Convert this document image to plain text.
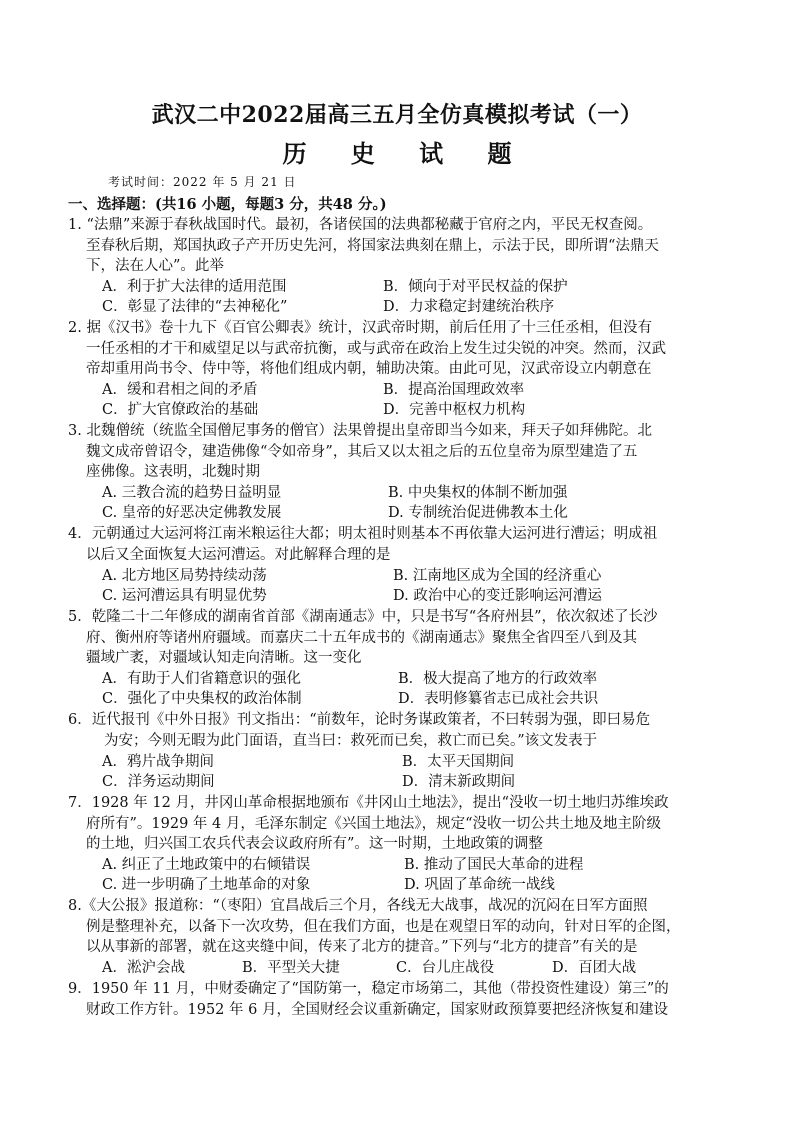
武汉二中2022届高三五月全仿真模拟考试（一）
历 史 试 题
考试时间：2022 年 5 月 21 日
一、选择题：(共16 小题，每题3 分，共48 分。)
1. “法鼎”来源于春秋战国时代。最初，各诸侯国的法典都秘藏于官府之内，平民无权查阅。
至春秋后期，郑国执政子产开历史先河，将国家法典刻在鼎上，示法于民，即所谓“法鼎天
下，法在人心”。此举
A．利于扩大法律的适用范围	B．倾向于对平民权益的保护
C．彰显了法律的“去神秘化”	D．力求稳定封建统治秩序
2. 据《汉书》卷十九下《百官公卿表》统计，汉武帝时期，前后任用了十三任丞相，但没有
一任丞相的才干和威望足以与武帝抗衡，或与武帝在政治上发生过尖锐的冲突。然而，汉武
帝却重用尚书令、侍中等，将他们组成内朝，辅助决策。由此可见，汉武帝设立内朝意在
A．缓和君相之间的矛盾	B．提高治国理政效率
C．扩大官僚政治的基础	D．完善中枢权力机构
3. 北魏僧统（统监全国僧尼事务的僧官）法果曾提出皇帝即当今如来，拜天子如拜佛陀。北
魏文成帝曾诏令，建造佛像“令如帝身”，其后又以太祖之后的五位皇帝为原型建造了五
座佛像。这表明，北魏时期
A. 三教合流的趋势日益明显	B. 中央集权的体制不断加强
C. 皇帝的好恶决定佛教发展	D. 专制统治促进佛教本土化
4．元朝通过大运河将江南米粮运往大都；明太祖时则基本不再依靠大运河进行漕运；明成祖
以后又全面恢复大运河漕运。对此解释合理的是
A. 北方地区局势持续动荡	B. 江南地区成为全国的经济重心
C. 运河漕运具有明显优势	D. 政治中心的变迁影响运河漕运
5．乾隆二十二年修成的湖南省首部《湖南通志》中，只是书写“各府州县”，依次叙述了长沙
府、衡州府等诸州府疆域。而嘉庆二十五年成书的《湖南通志》聚焦全省四至八到及其
疆域广袤，对疆域认知走向清晰。这一变化
A．有助于人们省籍意识的强化	B．极大提高了地方的行政效率
C．强化了中央集权的政治体制	D．表明修纂省志已成社会共识
6．近代报刊《中外日报》刊文指出：“前数年，论时务谋政策者，不曰转弱为强，即曰易危
为安；今则无暇为此门面语，直当曰：救死而已矣，救亡而已矣。”该文发表于
A．鸦片战争期间	B．太平天国期间
C．洋务运动期间	D．清末新政期间
7．1928 年 12 月，井冈山革命根据地颁布《井冈山土地法》，提出“没收一切土地归苏维埃政
府所有”。1929 年 4 月，毛泽东制定《兴国土地法》，规定“没收一切公共土地及地主阶级
的土地，归兴国工农兵代表会议政府所有”。这一时期，土地政策的调整
A. 纠正了土地政策中的右倾错误	B. 推动了国民大革命的进程
C. 进一步明确了土地革命的对象	D. 巩固了革命统一战线
8.《大公报》报道称：“（枣阳）宜昌战后三个月，各线无大战事，战况的沉闷在日军方面照
例是整理补充，以备下一次攻势，但在我们方面，也是在观望日军的动向，针对日军的企图，
以从事新的部署，就在这夹缝中间，传来了北方的捷音。”下列与“北方的捷音”有关的是
A．淞沪会战	B．平型关大捷	C．台儿庄战役	D．百团大战
9．1950 年 11 月，中财委确定了“国防第一，稳定市场第二，其他（带投资性建设）第三”的
财政工作方针。1952 年 6 月，全国财经会议重新确定，国家财政预算要把经济恢复和建设
